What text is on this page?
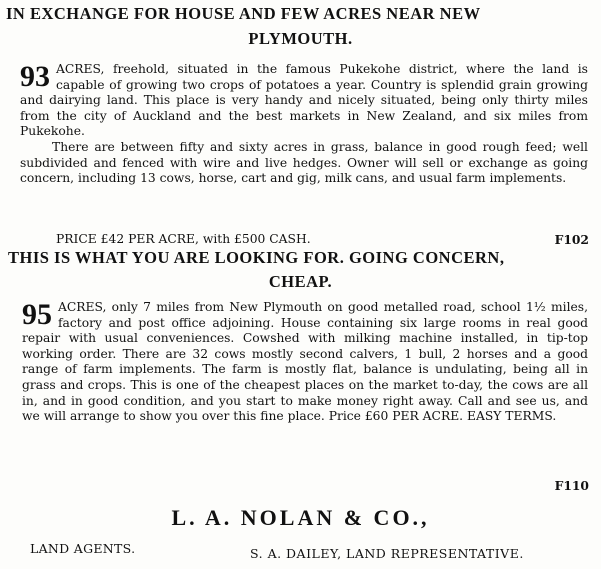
IN EXCHANGE FOR HOUSE AND FEW ACRES NEAR NEW
PLYMOUTH.
93 ACRES, freehold, situated in the famous Pukekohe district, where the land is capable of growing two crops of potatoes a year. Country is splendid grain growing and dairying land. This place is very handy and nicely situated, being only thirty miles from the city of Auckland and the best markets in New Zealand, and six miles from Pukekohe.
There are between fifty and sixty acres in grass, balance in good rough feed; well subdivided and fenced with wire and live hedges. Owner will sell or exchange as going concern, including 13 cows, horse, cart and gig, milk cans, and usual farm implements.
PRICE £42 PER ACRE, with £500 CASH.	F102
THIS IS WHAT YOU ARE LOOKING FOR. GOING CONCERN,
CHEAP.
95 ACRES, only 7 miles from New Plymouth on good metalled road, school 1½ miles, factory and post office adjoining. House containing six large rooms in real good repair with usual conveniences. Cowshed with milking machine installed, in tip-top working order. There are 32 cows mostly second calvers, 1 bull, 2 horses and a good range of farm implements. The farm is mostly flat, balance is undulating, being all in grass and crops. This is one of the cheapest places on the market to-day, the cows are all in, and in good condition, and you start to make money right away. Call and see us, and we will arrange to show you over this fine place. Price £60 PER ACRE. EASY TERMS.
F110
L. A. NOLAN & CO.,
LAND AGENTS.	S. A. DAILEY, LAND REPRESENTATIVE.
